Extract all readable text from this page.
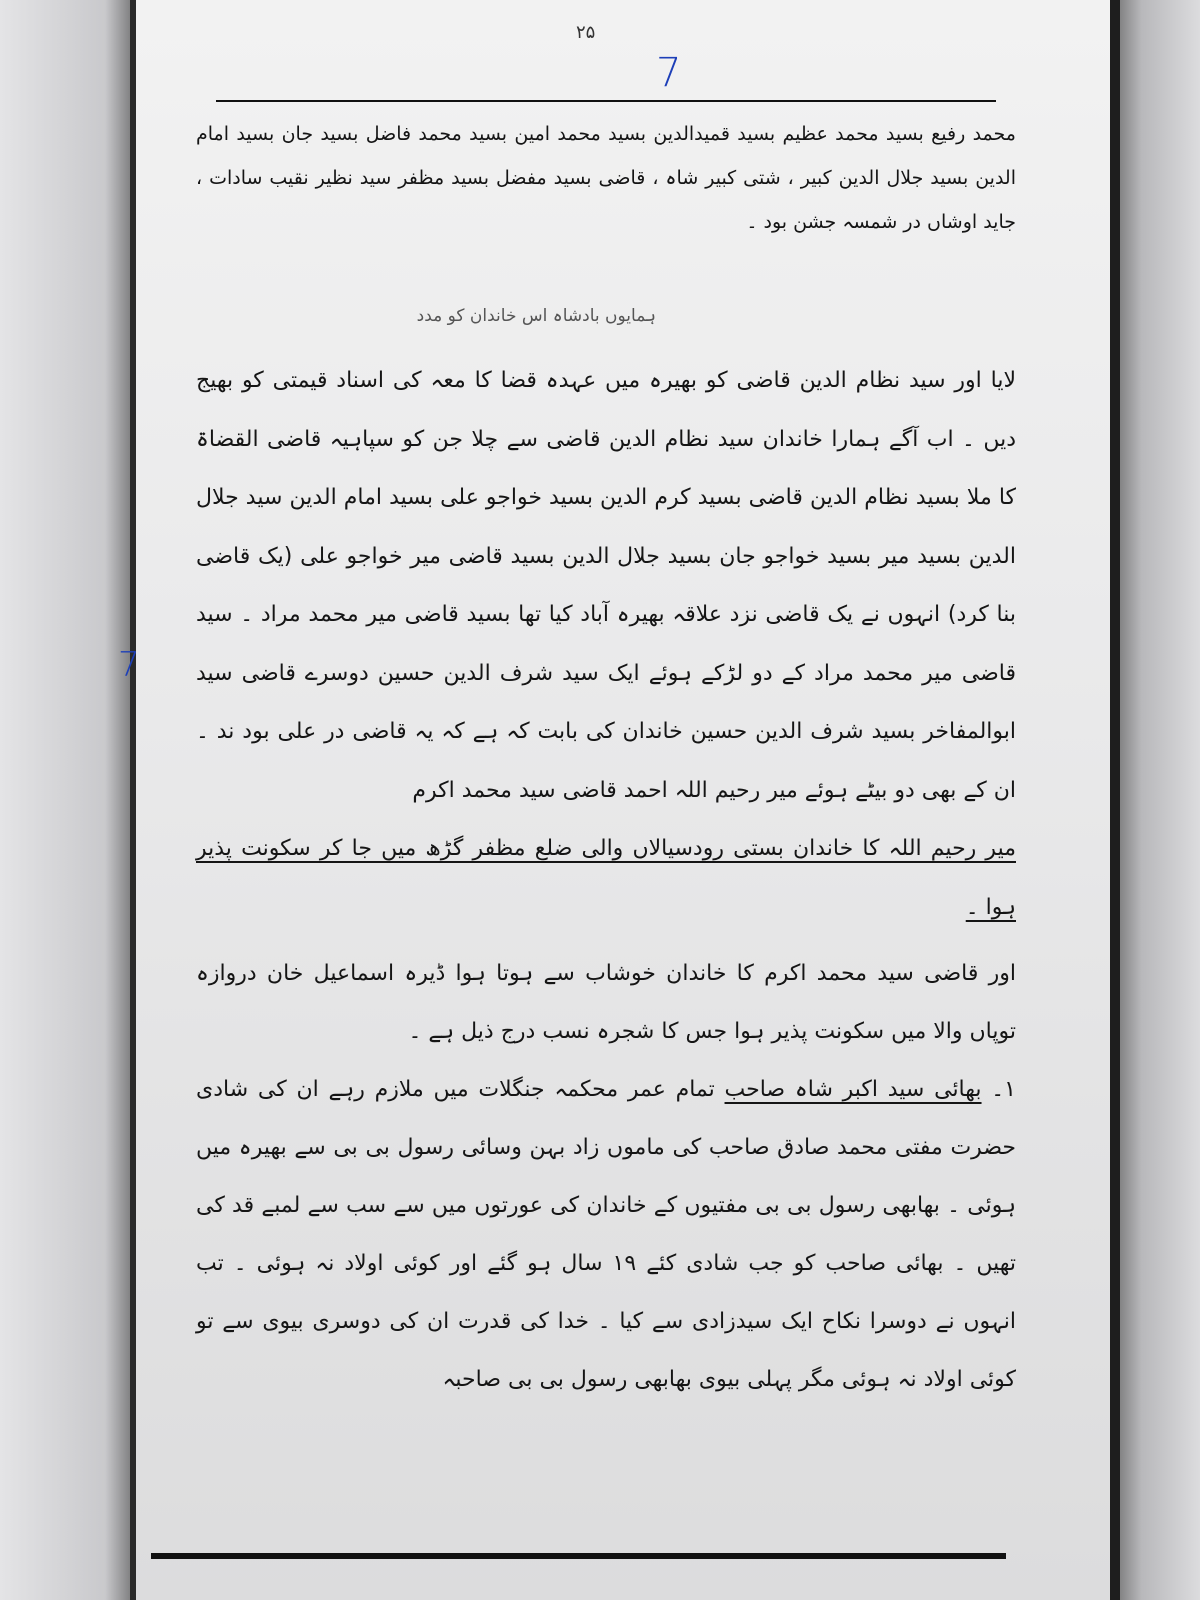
۲۵
7
7
محمد رفیع بسید محمد عظیم بسید قمیدالدین بسید محمد امین بسید محمد فاضل بسید جان بسید امام الدین بسید جلال الدین کبیر ، شتی کبیر شاہ ، قاضی بسید مفضل بسید مظفر سید نظیر نقیب سادات ، جاید اوشاں در شمسہ جشن بود ۔
ہمایوں بادشاہ اس خاندان کو مدد
لایا اور سید نظام الدین قاضی کو بھیرہ میں عہدہ قضا کا معہ کی اسناد قیمتی کو بھیج دیں ۔ اب آگے ہمارا خاندان سید نظام الدین قاضی سے چلا جن کو سپاہیہ قاضی القضاۃ کا ملا بسید نظام الدین قاضی بسید کرم الدین بسید خواجو علی بسید امام الدین سید جلال الدین بسید میر بسید خواجو جان بسید جلال الدین بسید قاضی میر خواجو علی (یک قاضی بنا کرد) انہوں نے یک قاضی نزد علاقہ بھیرہ آباد کیا تھا بسید قاضی میر محمد مراد ۔ سید قاضی میر محمد مراد کے دو لڑکے ہوئے ایک سید شرف الدین حسین دوسرے قاضی سید ابوالمفاخر بسید شرف الدین حسین خاندان کی بابت کہ ہے کہ یہ قاضی در علی بود ند ۔ ان کے بھی دو بیٹے ہوئے میر رحیم اللہ احمد قاضی سید محمد اکرم
میر رحیم اللہ کا خاندان بستی رودسیالاں والی ضلع مظفر گڑھ میں جا کر سکونت پذیر ہوا ۔
اور قاضی سید محمد اکرم کا خاندان خوشاب سے ہوتا ہوا ڈیرہ اسماعیل خان دروازہ توپاں والا میں سکونت پذیر ہوا جس کا شجرہ نسب درج ذیل ہے ۔
۱۔ بھائی سید اکبر شاہ صاحب تمام عمر محکمہ جنگلات میں ملازم رہے ان کی شادی حضرت مفتی محمد صادق صاحب کی ماموں زاد بہن وسائی رسول بی بی سے بھیرہ میں ہوئی ۔ بھابھی رسول بی بی مفتیوں کے خاندان کی عورتوں میں سے سب سے لمبے قد کی تھیں ۔ بھائی صاحب کو جب شادی کئے ۱۹ سال ہو گئے اور کوئی اولاد نہ ہوئی ۔ تب انہوں نے دوسرا نکاح ایک سیدزادی سے کیا ۔ خدا کی قدرت ان کی دوسری بیوی سے تو کوئی اولاد نہ ہوئی مگر پہلی بیوی بھابھی رسول بی بی صاحبہ
